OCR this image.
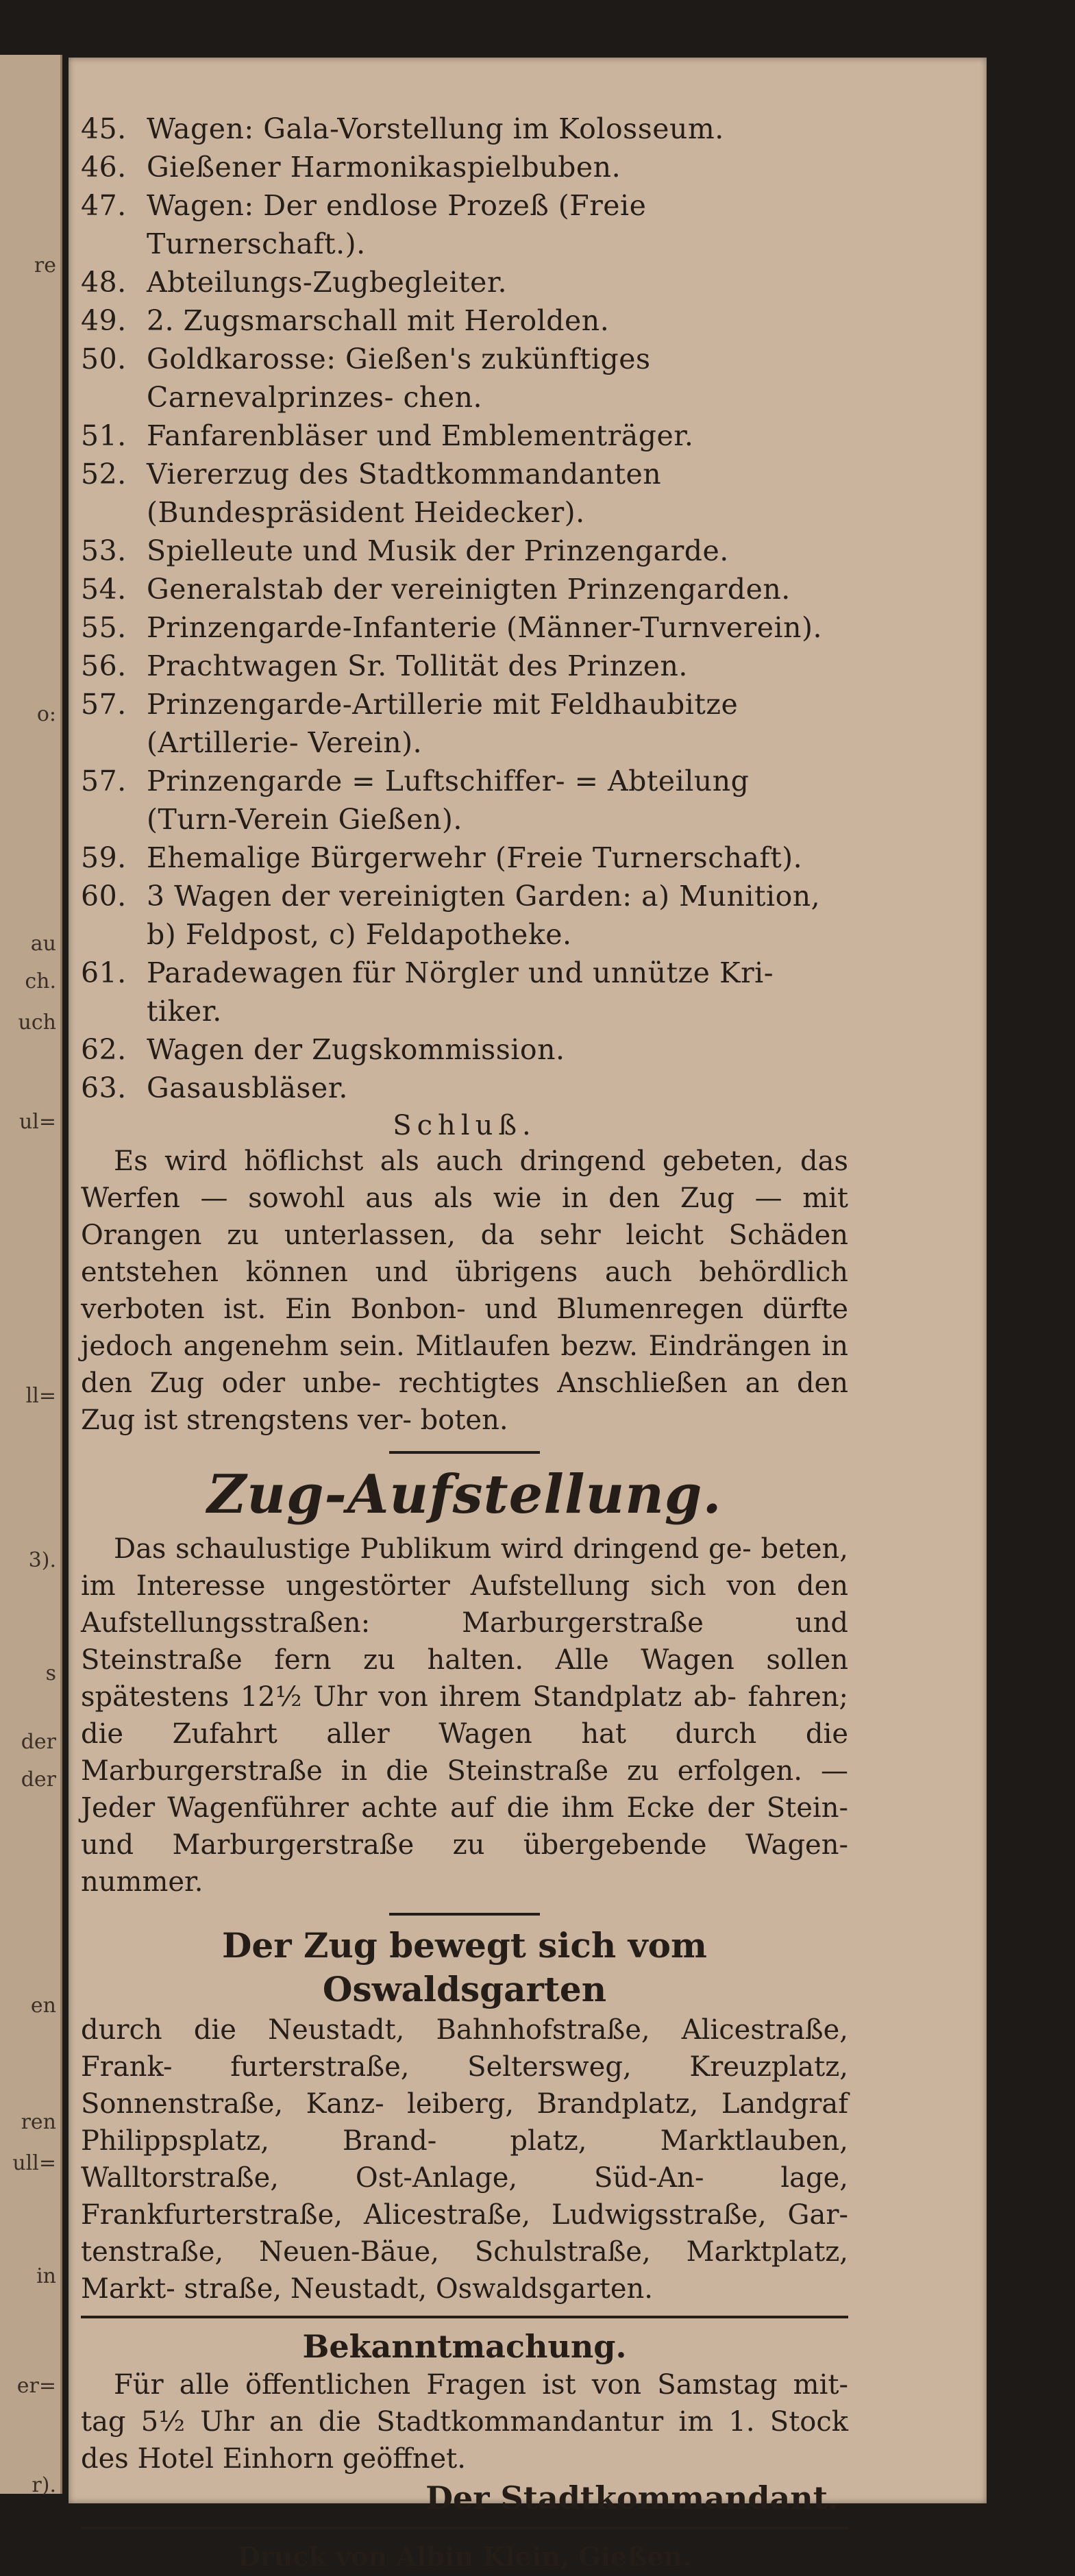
re
o:
au
ch.
uch
ul=
ll=
3).
s
der
der
en
ren
ull=
in
er=
r).
45. Wagen: Gala-Vorstellung im Kolosseum.
46. Gießener Harmonikaspielbuben.
47. Wagen: Der endlose Prozeß (Freie Turnerschaft.).
48. Abteilungs-Zugbegleiter.
49. 2. Zugsmarschall mit Herolden.
50. Goldkarosse: Gießen's zukünftiges Carnevalprinzes- chen.
51. Fanfarenbläser und Emblementräger.
52. Viererzug des Stadtkommandanten (Bundespräsident Heidecker).
53. Spielleute und Musik der Prinzengarde.
54. Generalstab der vereinigten Prinzengarden.
55. Prinzengarde-Infanterie (Männer-Turnverein).
56. Prachtwagen Sr. Tollität des Prinzen.
57. Prinzengarde-Artillerie mit Feldhaubitze (Artillerie- Verein).
57. Prinzengarde = Luftschiffer- = Abteilung (Turn-Verein Gießen).
59. Ehemalige Bürgerwehr (Freie Turnerschaft).
60. 3 Wagen der vereinigten Garden: a) Munition, b) Feldpost, c) Feldapotheke.
61. Paradewagen für Nörgler und unnütze Kri- tiker.
62. Wagen der Zugskommission.
63. Gasausbläser.
Schluß.

Es wird höflichst als auch dringend gebeten, das Werfen — sowohl aus als wie in den Zug — mit Orangen zu unterlassen, da sehr leicht Schäden entstehen können und übrigens auch behördlich verboten ist. Ein Bonbon- und Blumenregen dürfte jedoch angenehm sein. Mitlaufen bezw. Eindrängen in den Zug oder unbe- rechtigtes Anschließen an den Zug ist strengstens ver- boten.

Zug-Aufstellung.

Das schaulustige Publikum wird dringend ge- beten, im Interesse ungestörter Aufstellung sich von den Aufstellungsstraßen: Marburgerstraße und Steinstraße fern zu halten. Alle Wagen sollen spätestens 12½ Uhr von ihrem Standplatz ab- fahren; die Zufahrt aller Wagen hat durch die Marburgerstraße in die Steinstraße zu erfolgen. — Jeder Wagenführer achte auf die ihm Ecke der Stein- und Marburgerstraße zu übergebende Wagen- nummer.

Der Zug bewegt sich vom Oswaldsgarten

durch die Neustadt, Bahnhofstraße, Alicestraße, Frank- furterstraße, Seltersweg, Kreuzplatz, Sonnenstraße, Kanz- leiberg, Brandplatz, Landgraf Philippsplatz, Brand- platz, Marktlauben, Walltorstraße, Ost-Anlage, Süd-An- lage, Frankfurterstraße, Alicestraße, Ludwigsstraße, Gar- tenstraße, Neuen-Bäue, Schulstraße, Marktplatz, Markt- straße, Neustadt, Oswaldsgarten.

Bekanntmachung.

Für alle öffentlichen Fragen ist von Samstag mit- tag 5½ Uhr an die Stadtkommandantur im 1. Stock des Hotel Einhorn geöffnet.

Der Stadtkommandant.
Druck von Albin Klein, Gießen.
